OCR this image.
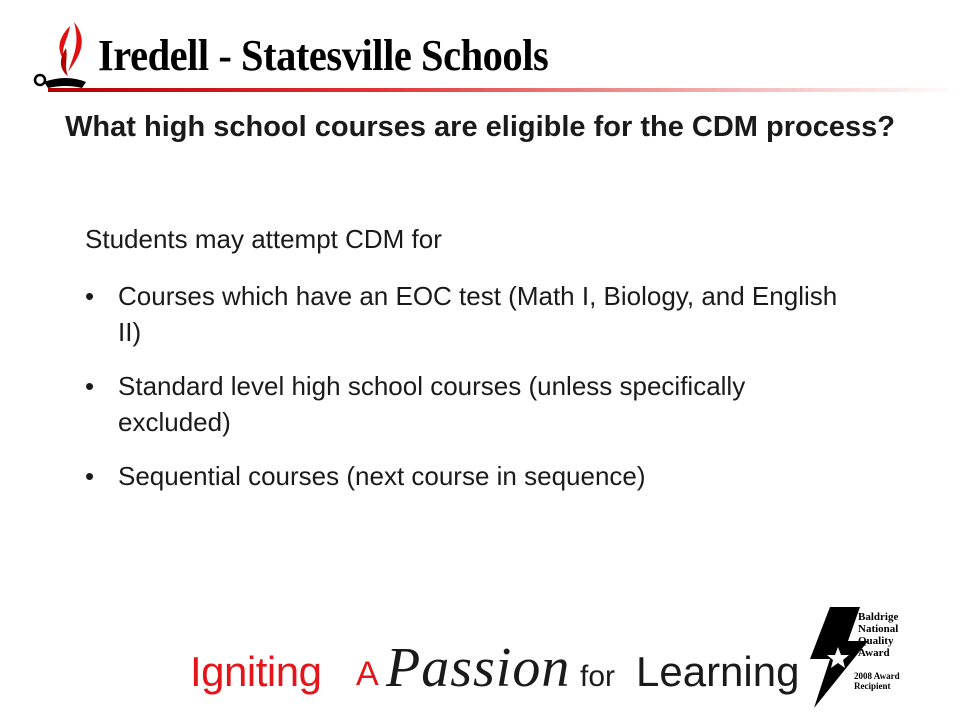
Iredell - Statesville Schools
What high school courses are eligible for the CDM process?
Students may attempt CDM for
• Courses which have an EOC test (Math I, Biology, and English II)
• Standard level high school courses (unless specifically excluded)
• Sequential courses (next course in sequence)
Igniting A Passion for Learning
Baldrige
National
Quality
Award
2008 Award
Recipient
